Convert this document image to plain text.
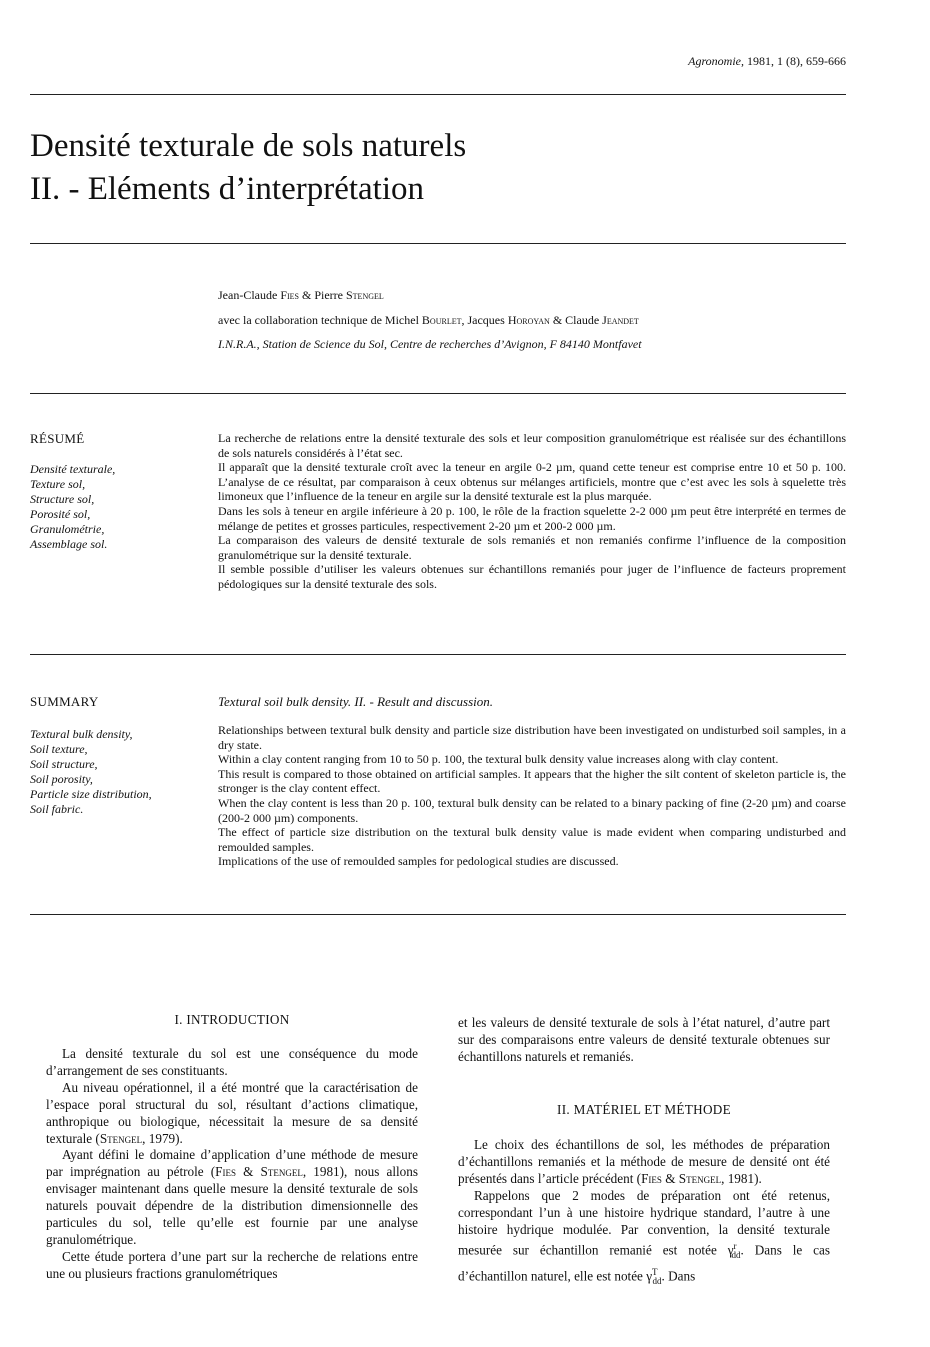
Agronomie, 1981, 1 (8), 659-666
Densité texturale de sols naturels
II. - Eléments d’interprétation
Jean-Claude Fies & Pierre Stengel
avec la collaboration technique de Michel Bourlet, Jacques Horoyan & Claude Jeandet
I.N.R.A., Station de Science du Sol, Centre de recherches d’Avignon, F 84140 Montfavet
RÉSUMÉ
Densité texturale,
Texture sol,
Structure sol,
Porosité sol,
Granulométrie,
Assemblage sol.

La recherche de relations entre la densité texturale des sols et leur composition granulométrique est réalisée sur des échantillons de sols naturels considérés à l’état sec.

Il apparaît que la densité texturale croît avec la teneur en argile 0-2 µm, quand cette teneur est comprise entre 10 et 50 p. 100. L’analyse de ce résultat, par comparaison à ceux obtenus sur mélanges artificiels, montre que c’est avec les sols à squelette très limoneux que l’influence de la teneur en argile sur la densité texturale est la plus marquée.

Dans les sols à teneur en argile inférieure à 20 p. 100, le rôle de la fraction squelette 2-2 000 µm peut être interprété en termes de mélange de petites et grosses particules, respectivement 2-20 µm et 200-2 000 µm.

La comparaison des valeurs de densité texturale de sols remaniés et non remaniés confirme l’influence de la composition granulométrique sur la densité texturale.

Il semble possible d’utiliser les valeurs obtenues sur échantillons remaniés pour juger de l’influence de facteurs proprement pédologiques sur la densité texturale des sols.

SUMMARY
Textural bulk density,
Soil texture,
Soil structure,
Soil porosity,
Particle size distribution,
Soil fabric.
Textural soil bulk density. II. - Result and discussion.

Relationships between textural bulk density and particle size distribution have been investigated on undisturbed soil samples, in a dry state.

Within a clay content ranging from 10 to 50 p. 100, the textural bulk density value increases along with clay content.

This result is compared to those obtained on artificial samples. It appears that the higher the silt content of skeleton particle is, the stronger is the clay content effect.

When the clay content is less than 20 p. 100, textural bulk density can be related to a binary packing of fine (2-20 µm) and coarse (200-2 000 µm) components.

The effect of particle size distribution on the textural bulk density value is made evident when comparing undisturbed and remoulded samples.

Implications of the use of remoulded samples for pedological studies are discussed.

I. INTRODUCTION

La densité texturale du sol est une conséquence du mode d’arrangement de ses constituants.

Au niveau opérationnel, il a été montré que la caractérisation de l’espace poral structural du sol, résultant d’actions climatique, anthropique ou biologique, nécessitait la mesure de sa densité texturale (Stengel, 1979).

Ayant défini le domaine d’application d’une méthode de mesure par imprégnation au pétrole (Fies & Stengel, 1981), nous allons envisager maintenant dans quelle mesure la densité texturale de sols naturels pouvait dépendre de la distribution dimensionnelle des particules du sol, telle qu’elle est fournie par une analyse granulométrique.

Cette étude portera d’une part sur la recherche de relations entre une ou plusieurs fractions granulométriques

et les valeurs de densité texturale de sols à l’état naturel, d’autre part sur des comparaisons entre valeurs de densité texturale obtenues sur échantillons naturels et remaniés.

II. MATÉRIEL ET MÉTHODE

Le choix des échantillons de sol, les méthodes de préparation d’échantillons remaniés et la méthode de mesure de densité ont été présentés dans l’article précédent (Fies & Stengel, 1981).

Rappelons que 2 modes de préparation ont été retenus, correspondant l’un à une histoire hydrique standard, l’autre à une histoire hydrique modulée. Par convention, la densité texturale mesurée sur échantillon remanié est notée $\gamma^r_{dd}$. Dans le cas d’échantillon naturel, elle est notée $\gamma^T_{dd}$. Dans
